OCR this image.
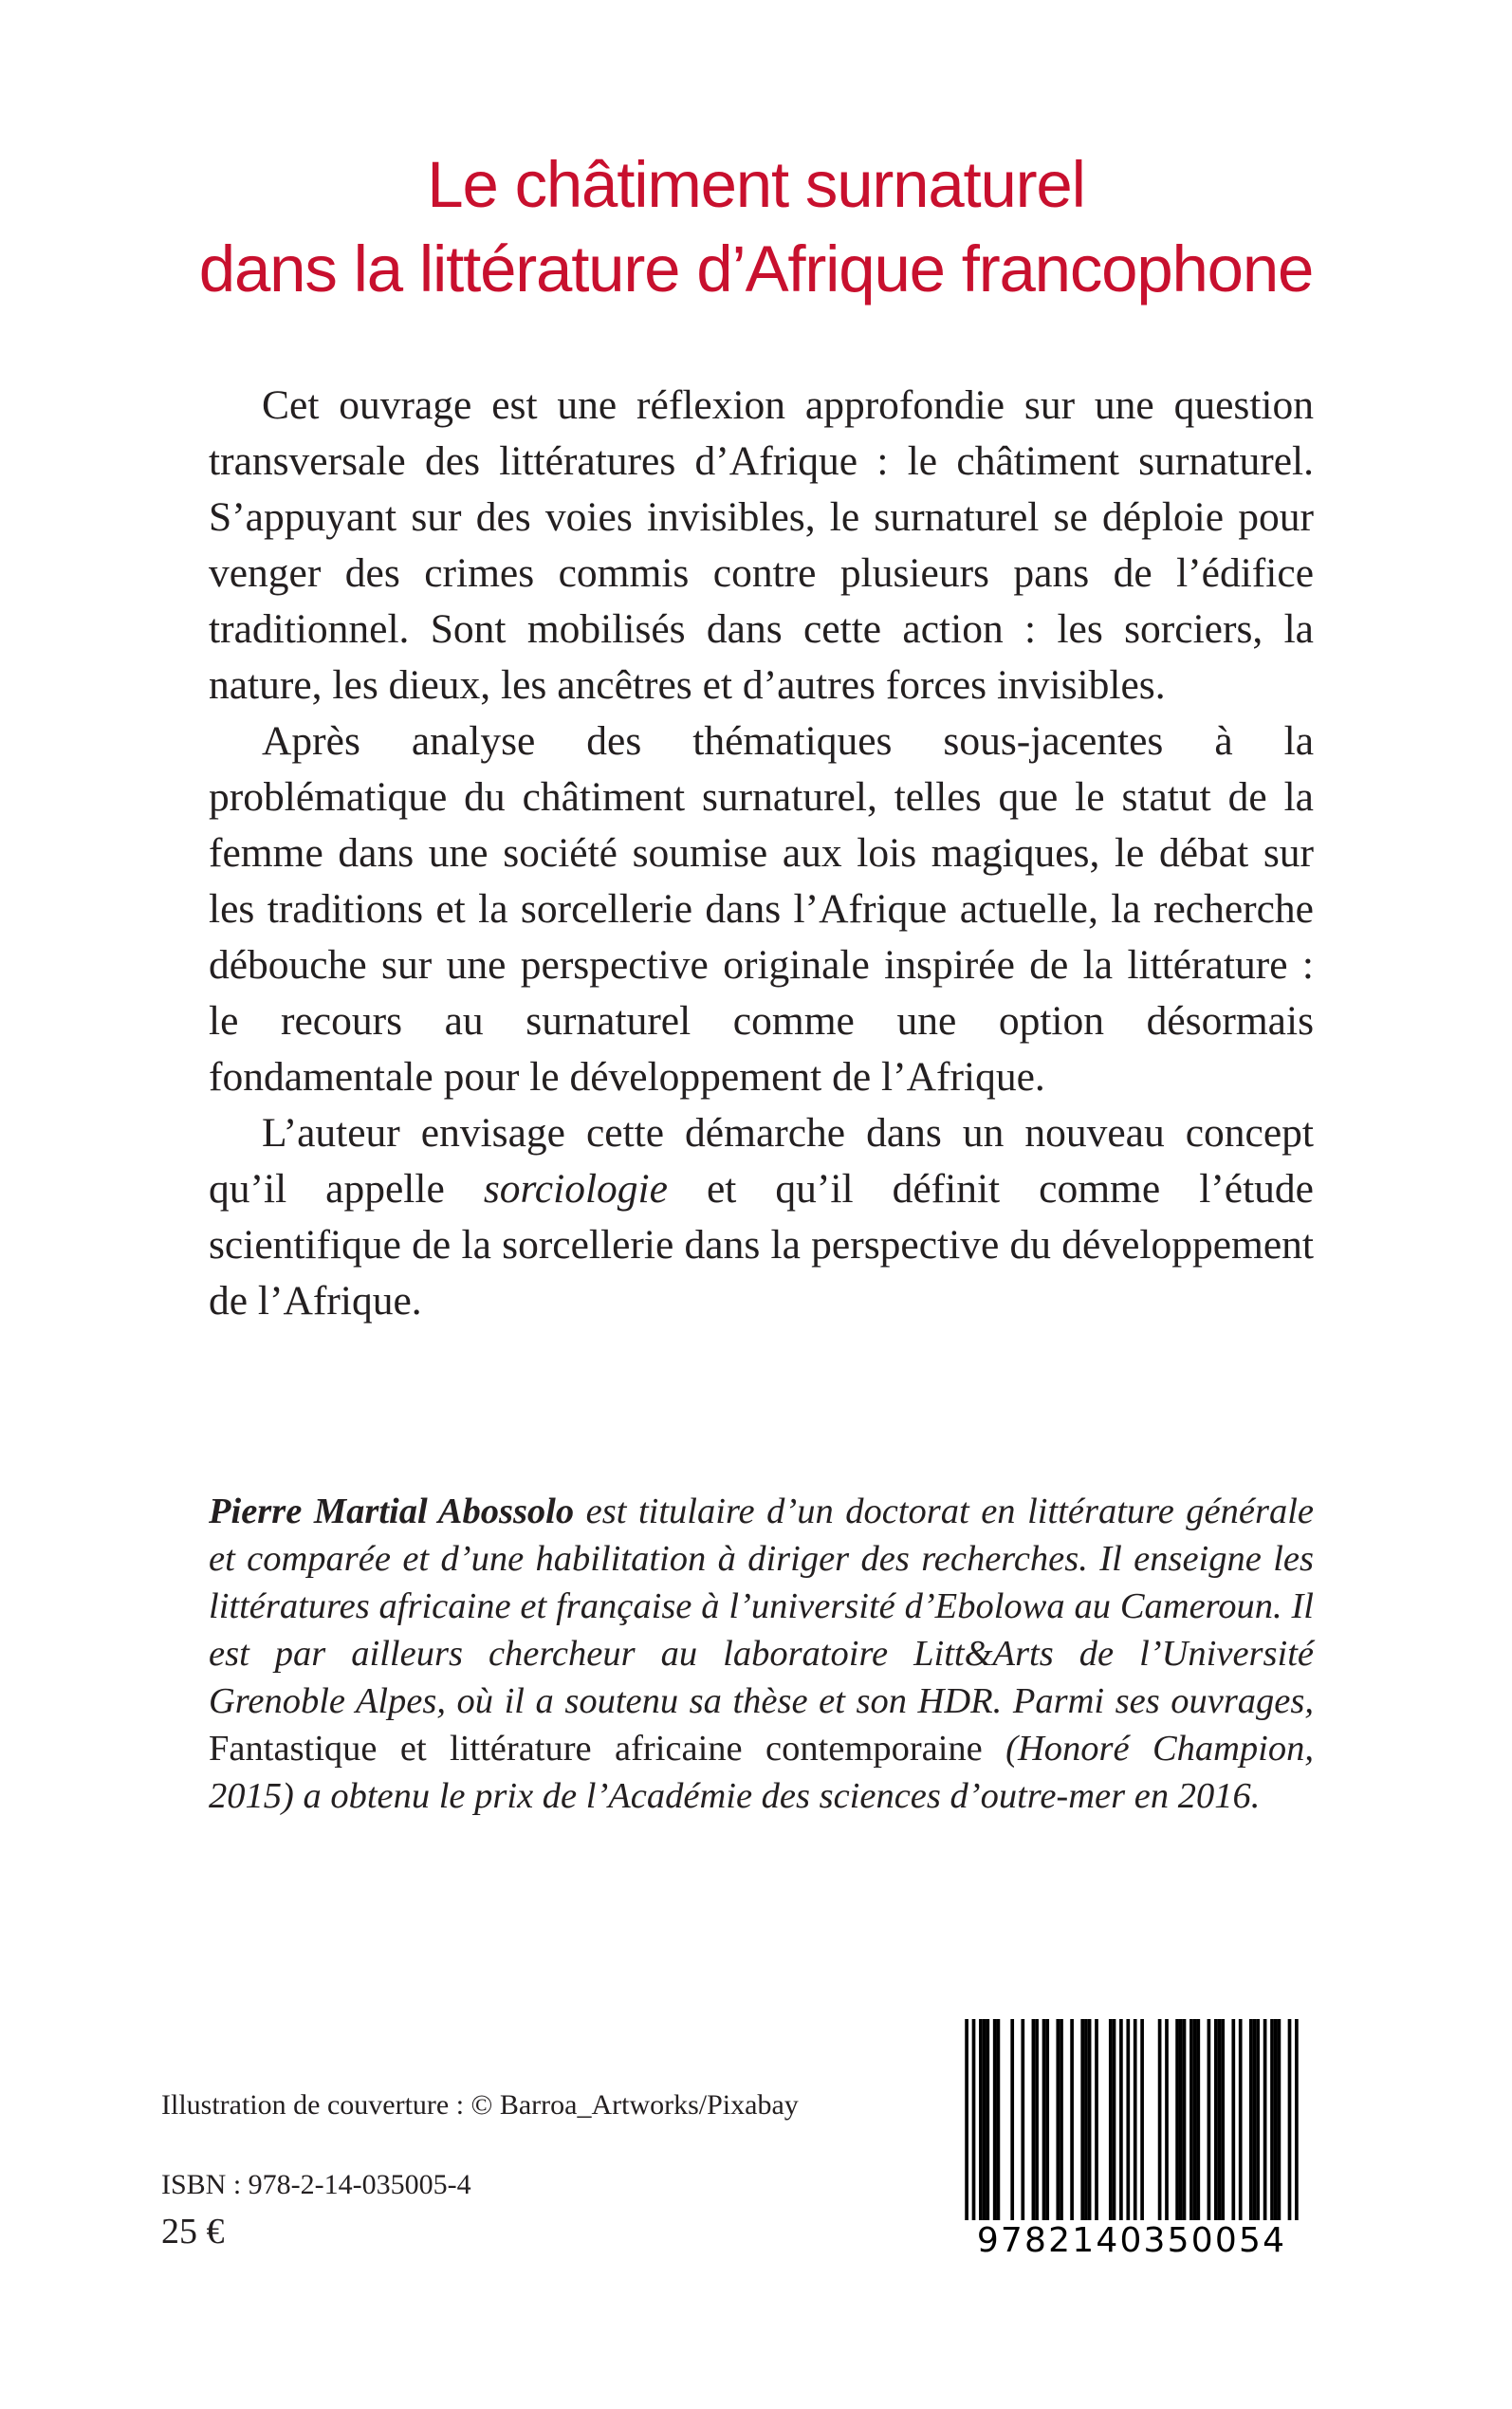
Le châtiment surnaturel
dans la littérature d’Afrique francophone

Cet ouvrage est une réflexion approfondie sur une question transversale des littératures d’Afrique : le châtiment surnaturel. S’appuyant sur des voies invisibles, le surnaturel se déploie pour venger des crimes commis contre plusieurs pans de l’édifice traditionnel. Sont mobilisés dans cette action : les sorciers, la nature, les dieux, les ancêtres et d’autres forces invisibles.

Après analyse des thématiques sous-jacentes à la problématique du châtiment surnaturel, telles que le statut de la femme dans une société soumise aux lois magiques, le débat sur les traditions et la sorcellerie dans l’Afrique actuelle, la recherche débouche sur une perspective originale inspirée de la littérature : le recours au surnaturel comme une option désormais fondamentale pour le développement de l’Afrique.

L’auteur envisage cette démarche dans un nouveau concept qu’il appelle sorciologie et qu’il définit comme l’étude scientifique de la sorcellerie dans la perspective du développement de l’Afrique.

Pierre Martial Abossolo est titulaire d’un doctorat en littérature générale et comparée et d’une habilitation à diriger des recherches. Il enseigne les littératures africaine et française à l’université d’Ebolowa au Cameroun. Il est par ailleurs chercheur au laboratoire Litt&Arts de l’Université Grenoble Alpes, où il a soutenu sa thèse et son HDR. Parmi ses ouvrages, Fantastique et littérature africaine contemporaine (Honoré Champion, 2015) a obtenu le prix de l’Académie des sciences d’outre-mer en 2016.

Illustration de couverture : © Barroa_Artworks/Pixabay
ISBN : 978-2-14-035005-4
25 €	9782140350054
